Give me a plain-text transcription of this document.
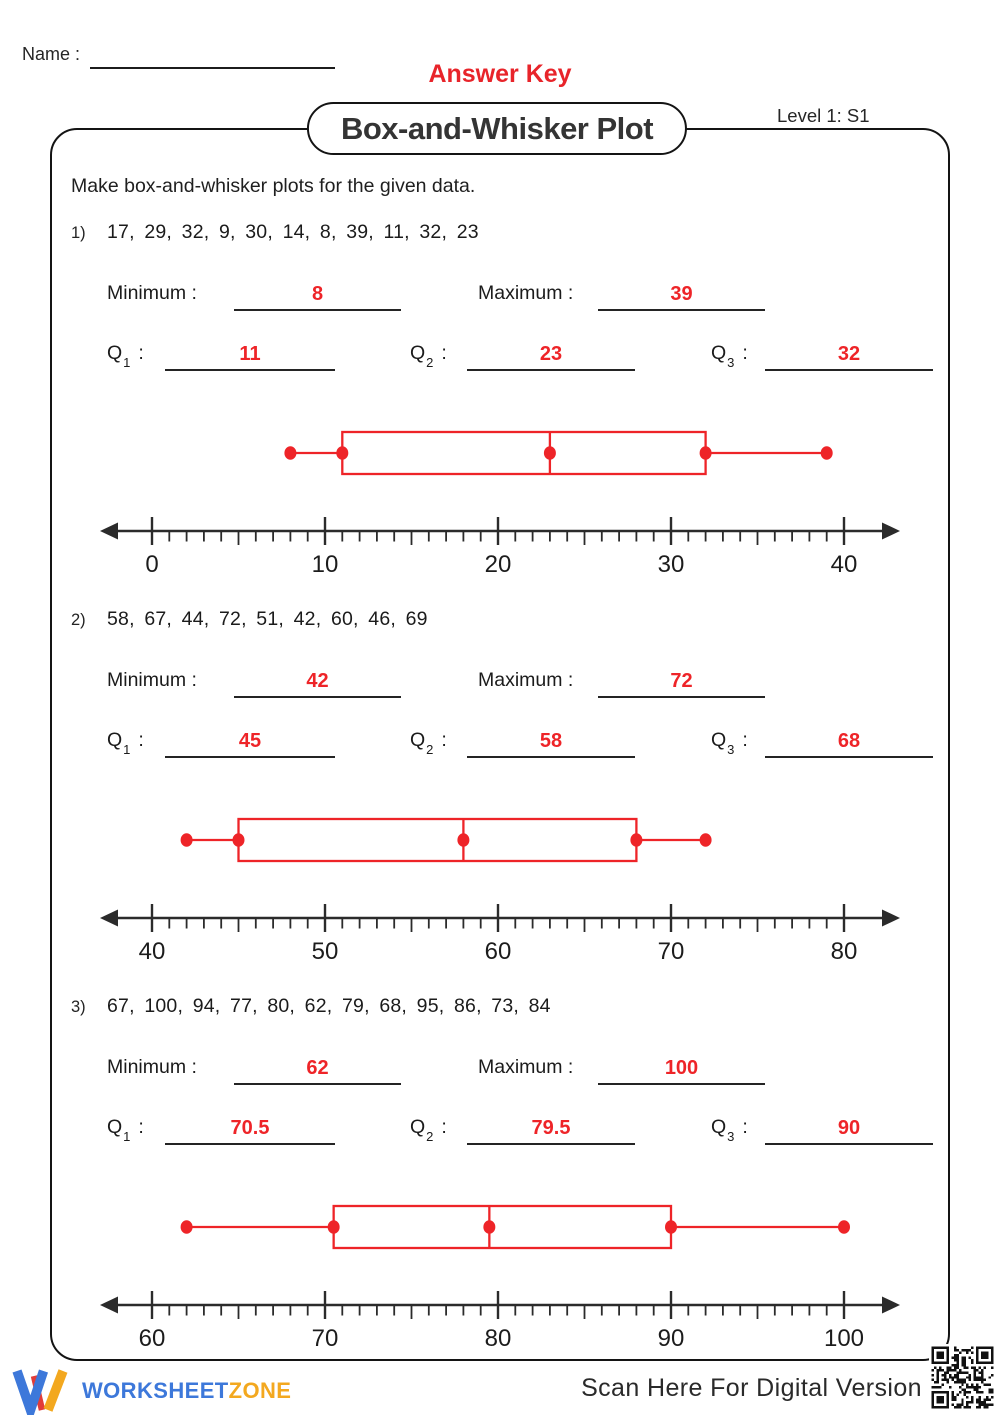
Name :
Answer Key
Box-and-Whisker Plot	Level 1: S1
Make box-and-whisker plots for the given data.
1) 17, 29, 32, 9, 30, 14, 8, 39, 11, 32, 23
Minimum :	8	Maximum :	39
$Q_1$ :	11	$Q_2$ :	23	$Q_3$ :	32
0	10	20	30	40
2) 58, 67, 44, 72, 51, 42, 60, 46, 69
Minimum :	42	Maximum :	72
$Q_1$ :	45	$Q_2$ :	58	$Q_3$ :	68
40	50	60	70	80
3) 67, 100, 94, 77, 80, 62, 79, 68, 95, 86, 73, 84
Minimum :	62	Maximum :	100
$Q_1$ :	70.5	$Q_2$ :	79.5	$Q_3$ :	90
60	70	80	90	100
WORKSHEETZONE	Scan Here For Digital Version
